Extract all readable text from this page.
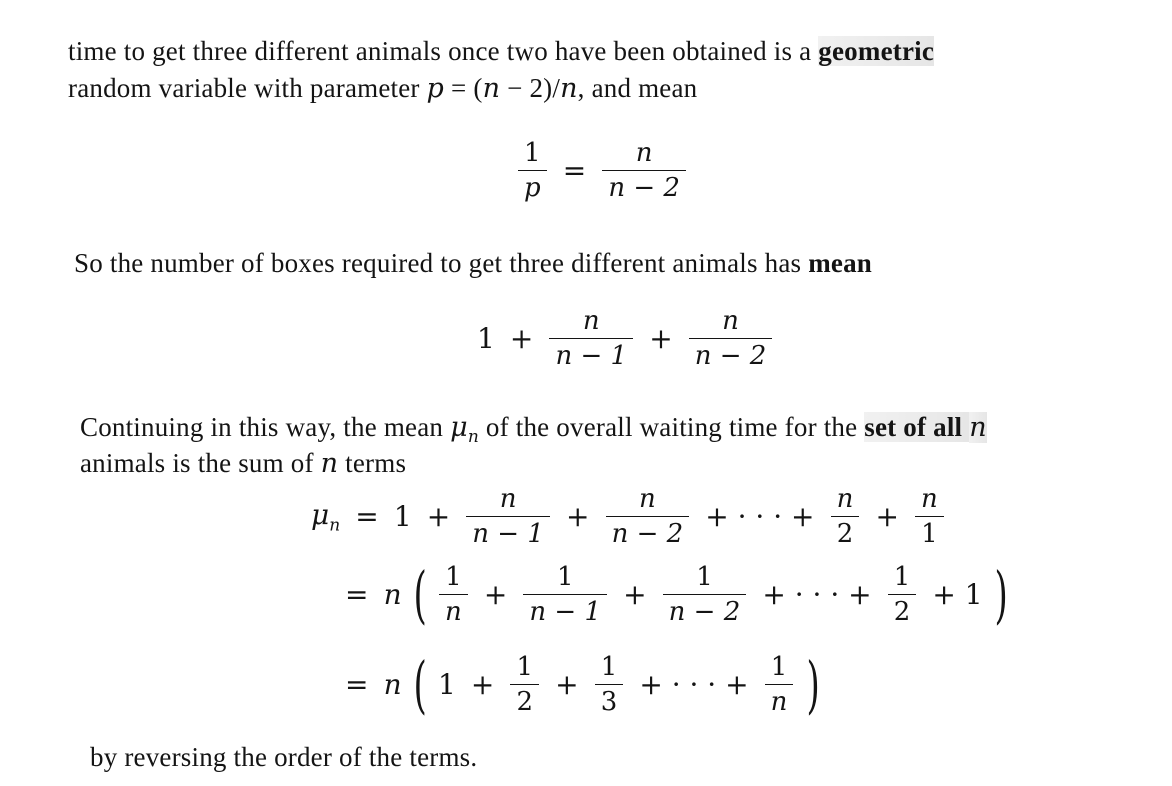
time to get three different animals once two have been obtained is a geometric
random variable with parameter p = (n − 2)/n, and mean
$\frac{1}{p} = \frac{n}{n - 2}$
So the number of boxes required to get three different animals has mean
$1 + \frac{n}{n - 1} + \frac{n}{n - 2}$
Continuing in this way, the mean $\mu_n$ of the overall waiting time for the set of all n
animals is the sum of n terms
$\mu_n = 1 + \frac{n}{n - 1} + \frac{n}{n - 2}$ + · · · + $\frac{n}{2} + \frac{n}{1}$
= n ( $\frac{1}{n} + \frac{1}{n - 1} + \frac{1}{n - 2}$ + · · · + $\frac{1}{2} + 1$ )
= n ( $1 + \frac{1}{2} + \frac{1}{3}$ + · · · + $\frac{1}{n}$ )
by reversing the order of the terms.
